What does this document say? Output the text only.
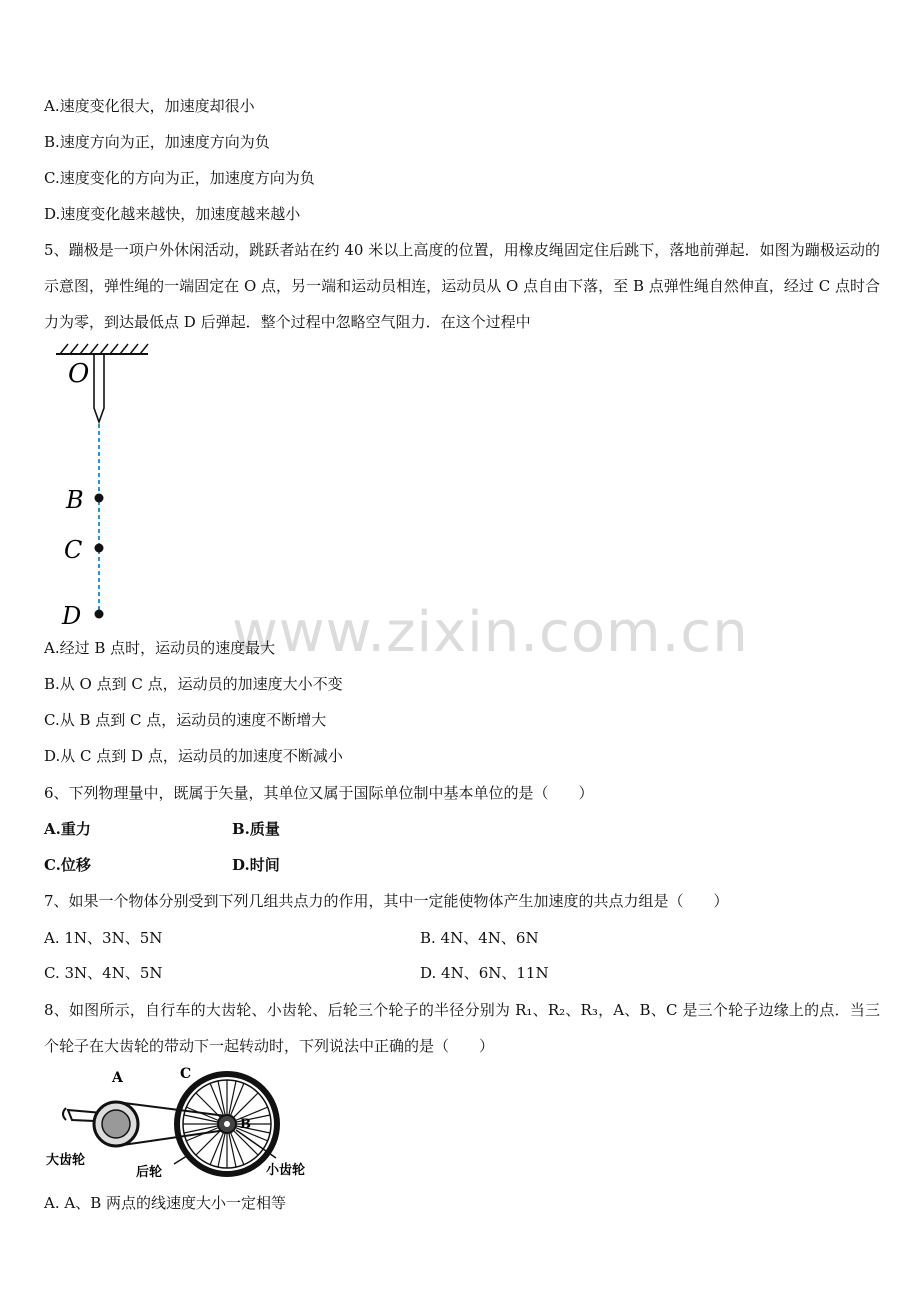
A.速度变化很大，加速度却很小
B.速度方向为正，加速度方向为负
C.速度变化的方向为正，加速度方向为负
D.速度变化越来越快，加速度越来越小
5、蹦极是一项户外休闲活动，跳跃者站在约 40 米以上高度的位置，用橡皮绳固定住后跳下，落地前弹起．如图为蹦极运动的示意图，弹性绳的一端固定在 O 点，另一端和运动员相连，运动员从 O 点自由下落，至 B 点弹性绳自然伸直，经过 C 点时合力为零，到达最低点 D 后弹起．整个过程中忽略空气阻力．在这个过程中
O
B
C
D	www.zixin.com.cn
A.经过 B 点时，运动员的速度最大
B.从 O 点到 C 点，运动员的加速度大小不变
C.从 B 点到 C 点，运动员的速度不断增大
D.从 C 点到 D 点，运动员的加速度不断减小
6、下列物理量中，既属于矢量，其单位又属于国际单位制中基本单位的是（　　）
A.重力	B.质量
C.位移	D.时间
7、如果一个物体分别受到下列几组共点力的作用，其中一定能使物体产生加速度的共点力组是（　　）
A. 1N、3N、5N	B. 4N、4N、6N
C. 3N、4N、5N	D. 4N、6N、11N
8、如图所示，自行车的大齿轮、小齿轮、后轮三个轮子的半径分别为 R₁、R₂、R₃，A、B、C 是三个轮子边缘上的点．当三个轮子在大齿轮的带动下一起转动时，下列说法中正确的是（　　）
A
B
C
大齿轮
后轮	小齿轮
A. A、B 两点的线速度大小一定相等
